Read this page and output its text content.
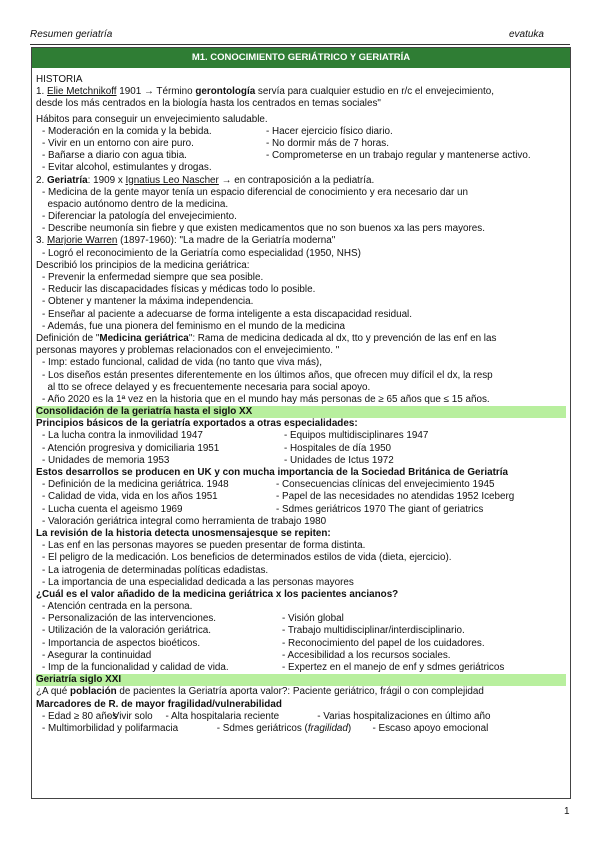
Resumen geriatría	evatuka
M1. CONOCIMIENTO GERIÁTRICO Y GERIATRÍA
HISTORIA
1. Elie Metchnikoff 1901 → Término gerontología servía para cualquier estudio en r/c el envejecimiento,
desde los más centrados en la biología hasta los centrados en temas sociales"
Hábitos para conseguir un envejecimiento saludable.
- Moderación en la comida y la bebida.	- Hacer ejercicio físico diario.
- Vivir en un entorno con aire puro.	- No dormir más de 7 horas.
- Bañarse a diario con agua tibia.	- Comprometerse en un trabajo regular y mantenerse activo.
- Evitar alcohol, estimulantes y drogas.
2. Geriatría: 1909 x Ignatius Leo Nascher → en contraposición a la pediatría.
- Medicina de la gente mayor tenía un espacio diferencial de conocimiento y era necesario dar un
espacio autónomo dentro de la medicina.
- Diferenciar la patología del envejecimiento.
- Describe neumonía sin fiebre y que existen medicamentos que no son buenos xa las pers mayores.
3. Marjorie Warren (1897-1960): "La madre de la Geriatría moderna"
- Logró el reconocimiento de la Geriatría como especialidad (1950, NHS)
Describió los principios de la medicina geriátrica:
- Prevenir la enfermedad siempre que sea posible.
- Reducir las discapacidades físicas y médicas todo lo posible.
- Obtener y mantener la máxima independencia.
- Enseñar al paciente a adecuarse de forma inteligente a esta discapacidad residual.
- Además, fue una pionera del feminismo en el mundo de la medicina
Definición de "Medicina geriátrica": Rama de medicina dedicada al dx, tto y prevención de las enf en las
personas mayores y problemas relacionados con el envejecimiento. "
- Imp: estado funcional, calidad de vida (no tanto que viva más),
- Los diseños están presentes diferentemente en los últimos años, que ofrecen muy difícil el dx, la resp
al tto se ofrece delayed y es frecuentemente necesaria para social apoyo.
- Año 2020 es la 1ª vez en la historia que en el mundo hay más personas de ≥ 65 años que ≤ 15 años.
Consolidación de la geriatría hasta el siglo XX
Principios básicos de la geriatría exportados a otras especialidades:
- La lucha contra la inmovilidad 1947	- Equipos multidisciplinares 1947
- Atención progresiva y domiciliaria 1951	- Hospitales de día 1950
- Unidades de memoria 1953	- Unidades de Ictus 1972
Estos desarrollos se producen en UK y con mucha importancia de la Sociedad Británica de Geriatría
- Definición de la medicina geriátrica. 1948	- Consecuencias clínicas del envejecimiento 1945
- Calidad de vida, vida en los años 1951	- Papel de las necesidades no atendidas 1952 Iceberg
- Lucha cuenta el ageismo 1969	- Sdmes geriátricos 1970 The giant of geriatrics
- Valoración geriátrica integral como herramienta de trabajo 1980
La revisión de la historia detecta unosmensajesque se repiten:
- Las enf en las personas mayores se pueden presentar de forma distinta.
- El peligro de la medicación. Los beneficios de determinados estilos de vida (dieta, ejercicio).
- La iatrogenia de determinadas políticas edadistas.
- La importancia de una especialidad dedicada a las personas mayores
¿Cuál es el valor añadido de la medicina geriátrica x los pacientes ancianos?
- Atención centrada en la persona.
- Personalización de las intervenciones.	- Visión global
- Utilización de la valoración geriátrica.	- Trabajo multidisciplinar/interdisciplinario.
- Importancia de aspectos bioéticos.	- Reconocimiento del papel de los cuidadores.
- Asegurar la continuidad	- Accesibilidad a los recursos sociales.
- Imp de la funcionalidad y calidad de vida.	- Expertez en el manejo de enf y sdmes geriátricos
Geriatría siglo XXI
¿A qué población de pacientes la Geriatría aporta valor?: Paciente geriátrico, frágil o con complejidad
Marcadores de R. de mayor fragilidad/vulnerabilidad
- Edad ≥ 80 años - Vivir solo - Alta hospitalaria reciente	- Varias hospitalizaciones en último año
- Multimorbilidad y polifarmacia	- Sdmes geriátricos (fragilidad) - Escaso apoyo emocional
1
